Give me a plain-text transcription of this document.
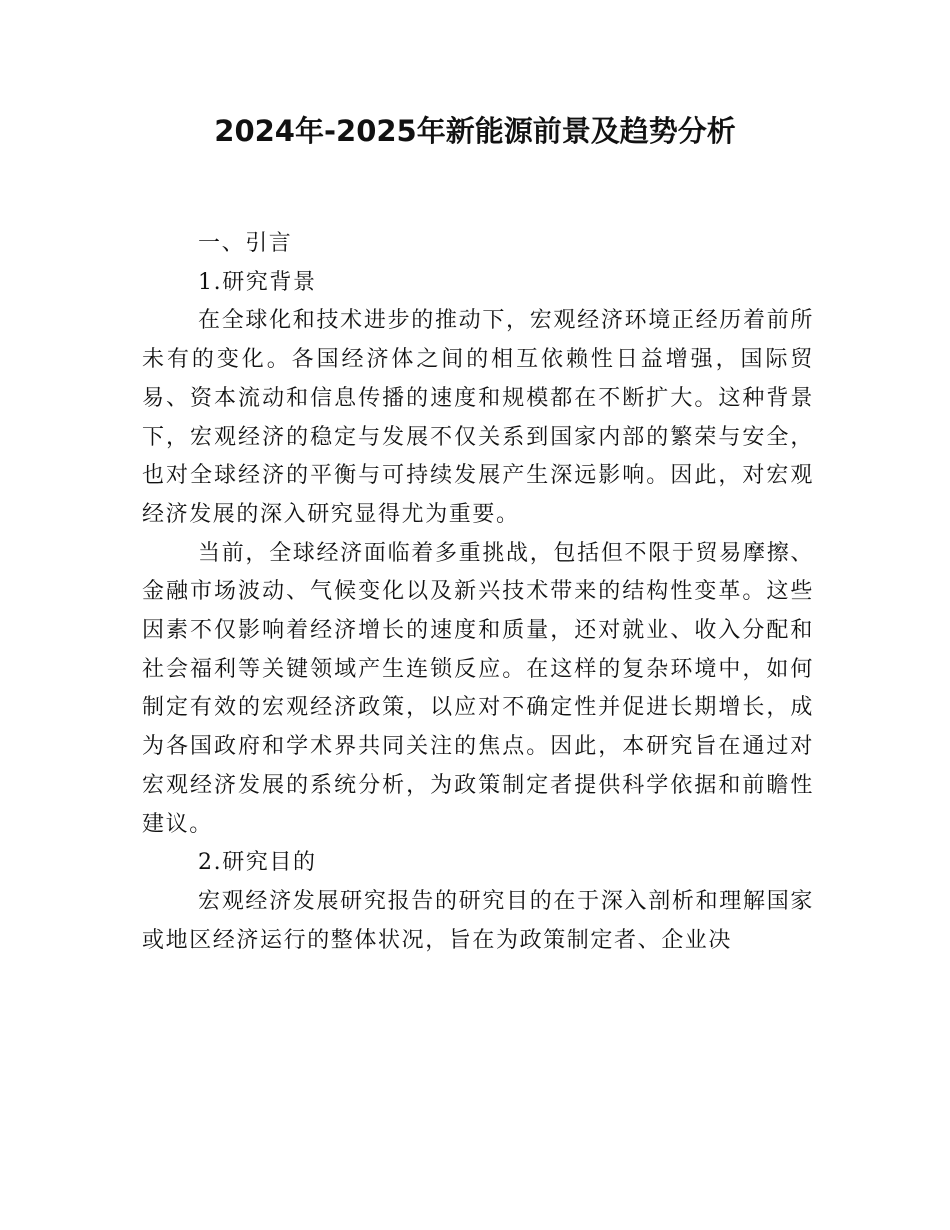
2024年-2025年新能源前景及趋势分析

一、引言

1.研究背景

在全球化和技术进步的推动下，宏观经济环境正经历着前所未有的变化。各国经济体之间的相互依赖性日益增强，国际贸易、资本流动和信息传播的速度和规模都在不断扩大。这种背景下，宏观经济的稳定与发展不仅关系到国家内部的繁荣与安全，也对全球经济的平衡与可持续发展产生深远影响。因此，对宏观经济发展的深入研究显得尤为重要。

当前，全球经济面临着多重挑战，包括但不限于贸易摩擦、金融市场波动、气候变化以及新兴技术带来的结构性变革。这些因素不仅影响着经济增长的速度和质量，还对就业、收入分配和社会福利等关键领域产生连锁反应。在这样的复杂环境中，如何制定有效的宏观经济政策，以应对不确定性并促进长期增长，成为各国政府和学术界共同关注的焦点。因此，本研究旨在通过对宏观经济发展的系统分析，为政策制定者提供科学依据和前瞻性建议。

2.研究目的

宏观经济发展研究报告的研究目的在于深入剖析和理解国家或地区经济运行的整体状况，旨在为政策制定者、企业决
